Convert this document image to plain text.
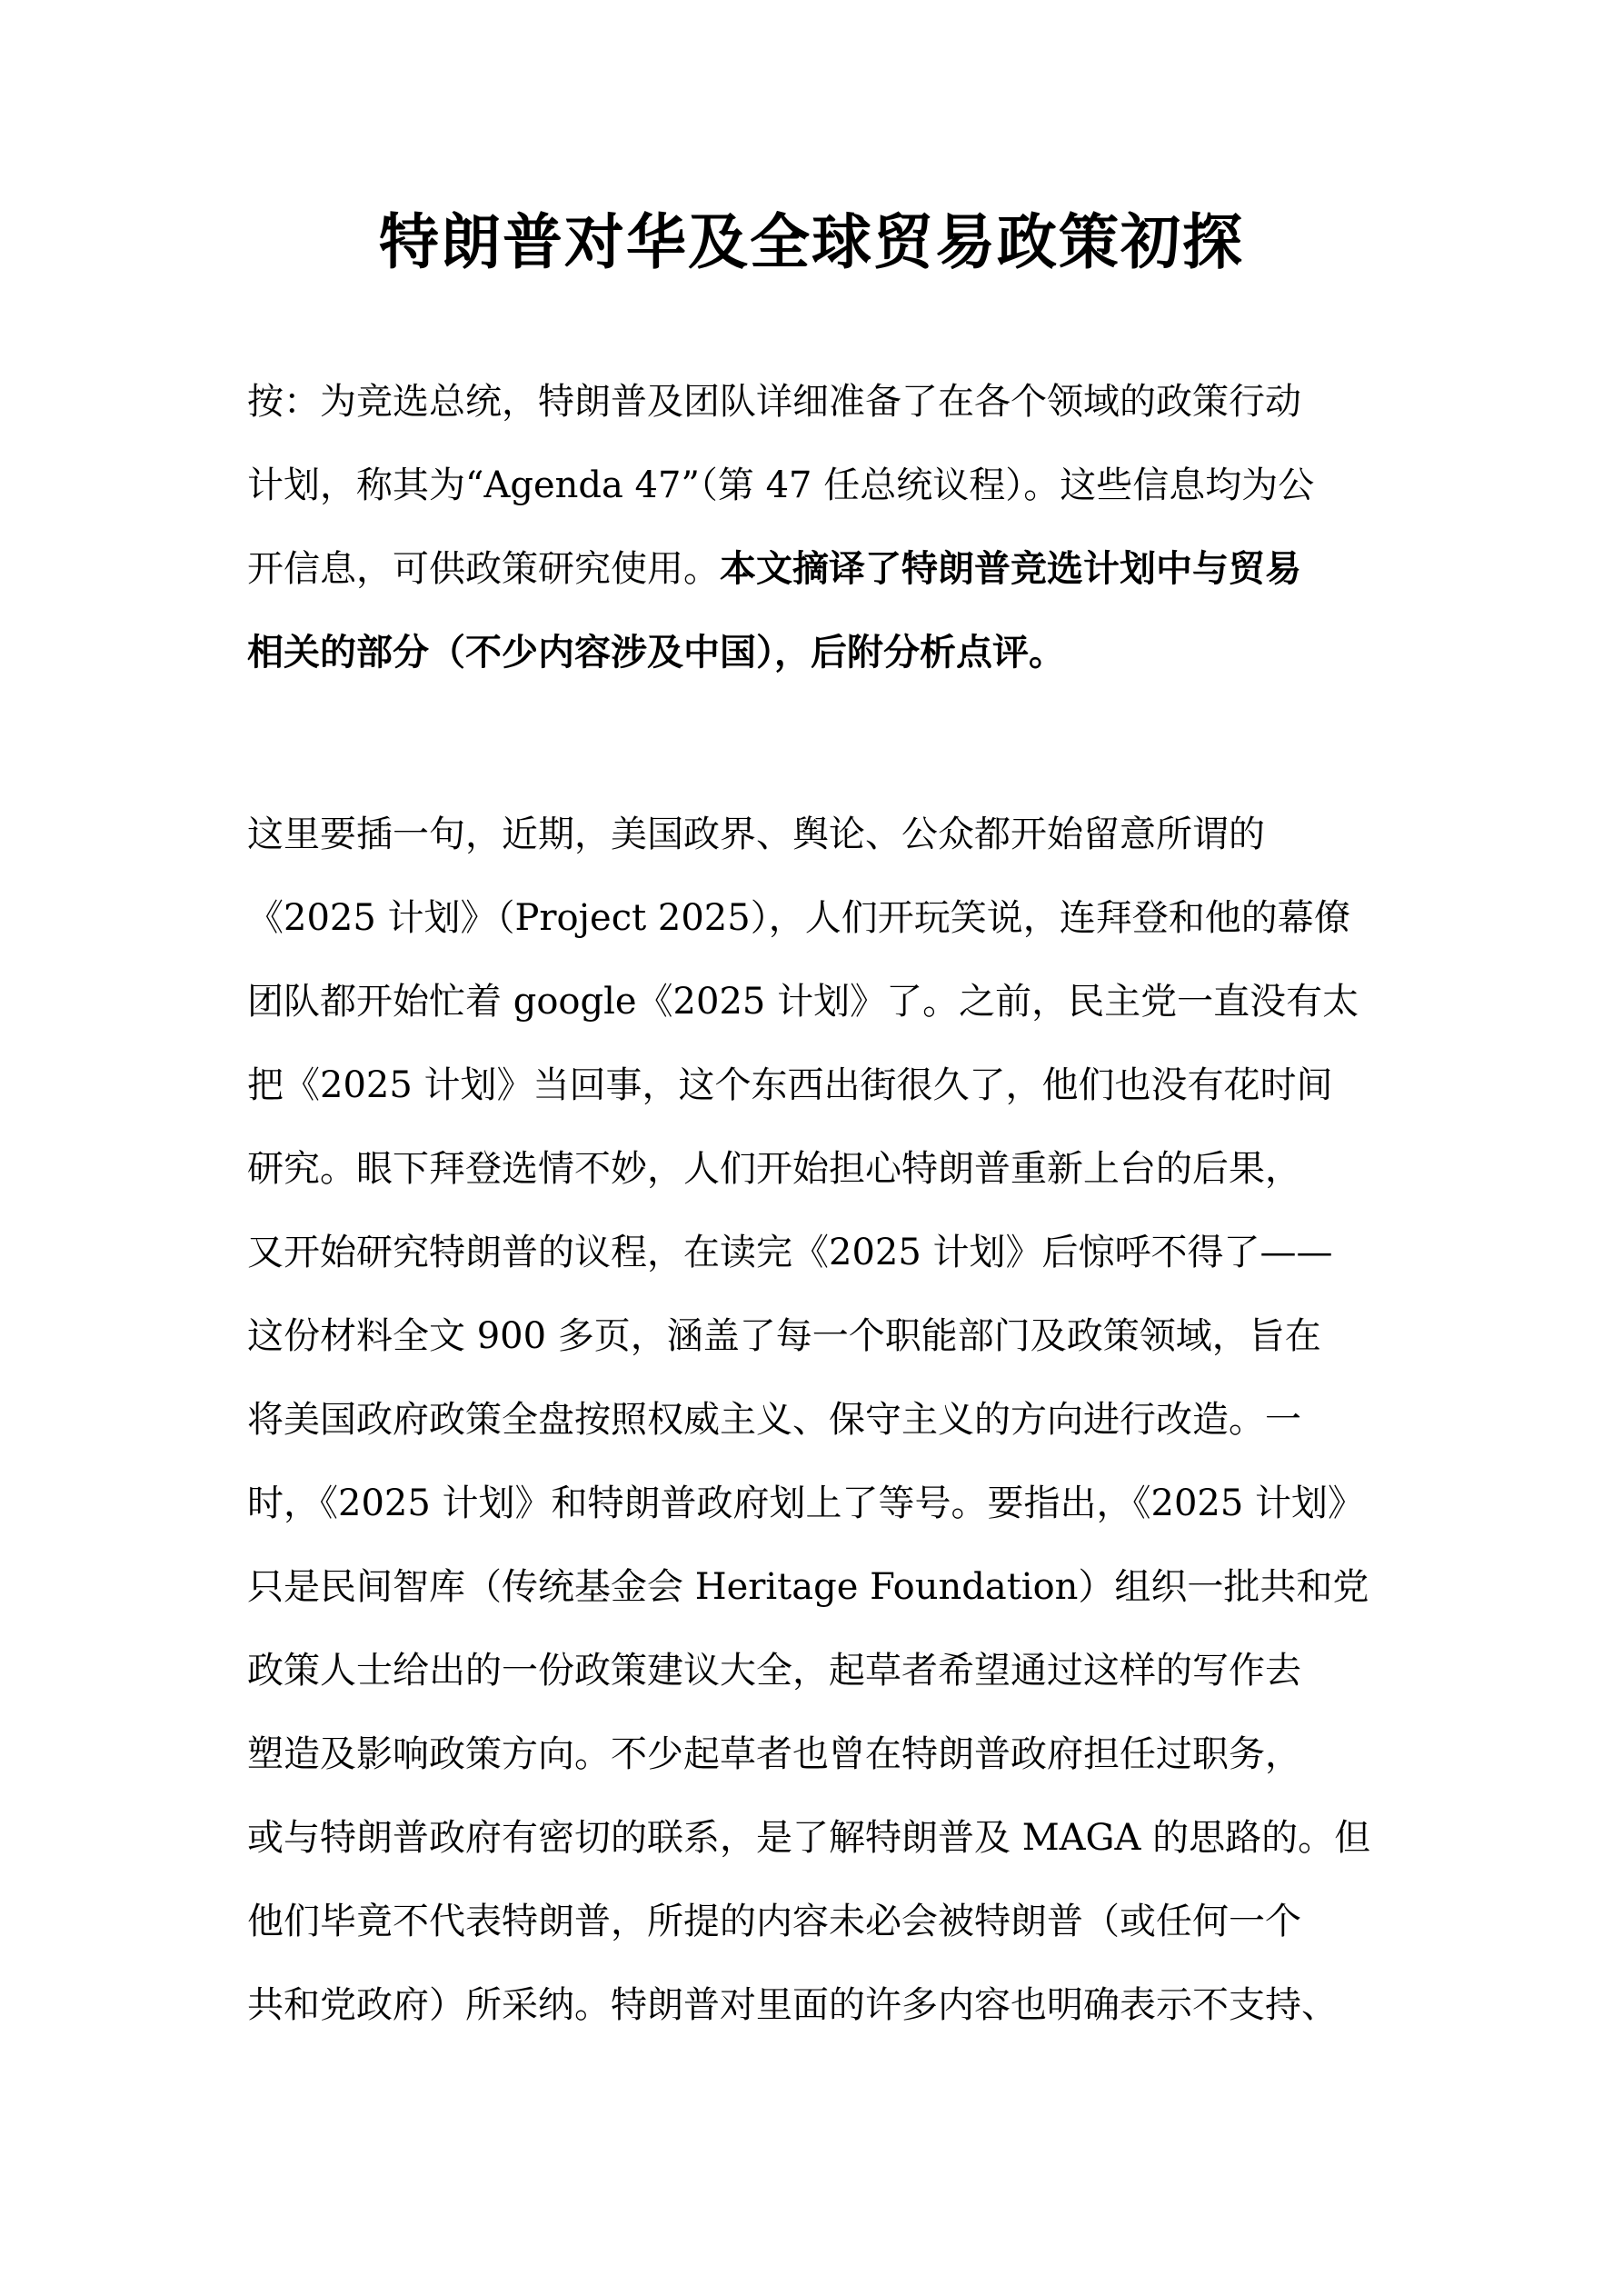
特朗普对华及全球贸易政策初探
按：为竞选总统，特朗普及团队详细准备了在各个领域的政策行动
计划，称其为“Agenda 47”（第 47 任总统议程）。这些信息均为公
开信息，可供政策研究使用。本文摘译了特朗普竞选计划中与贸易
相关的部分（不少内容涉及中国），后附分析点评。
这里要插一句，近期，美国政界、舆论、公众都开始留意所谓的
《2025 计划》（Project 2025），人们开玩笑说，连拜登和他的幕僚
团队都开始忙着 google《2025 计划》了。之前，民主党一直没有太
把《2025 计划》当回事，这个东西出街很久了，他们也没有花时间
研究。眼下拜登选情不妙，人们开始担心特朗普重新上台的后果，
又开始研究特朗普的议程，在读完《2025 计划》后惊呼不得了——
这份材料全文 900 多页，涵盖了每一个职能部门及政策领域，旨在
将美国政府政策全盘按照权威主义、保守主义的方向进行改造。一
时，《2025 计划》和特朗普政府划上了等号。要指出，《2025 计划》
只是民间智库（传统基金会 Heritage Foundation）组织一批共和党
政策人士给出的一份政策建议大全，起草者希望通过这样的写作去
塑造及影响政策方向。不少起草者也曾在特朗普政府担任过职务，
或与特朗普政府有密切的联系，是了解特朗普及 MAGA 的思路的。但
他们毕竟不代表特朗普，所提的内容未必会被特朗普（或任何一个
共和党政府）所采纳。特朗普对里面的许多内容也明确表示不支持、
